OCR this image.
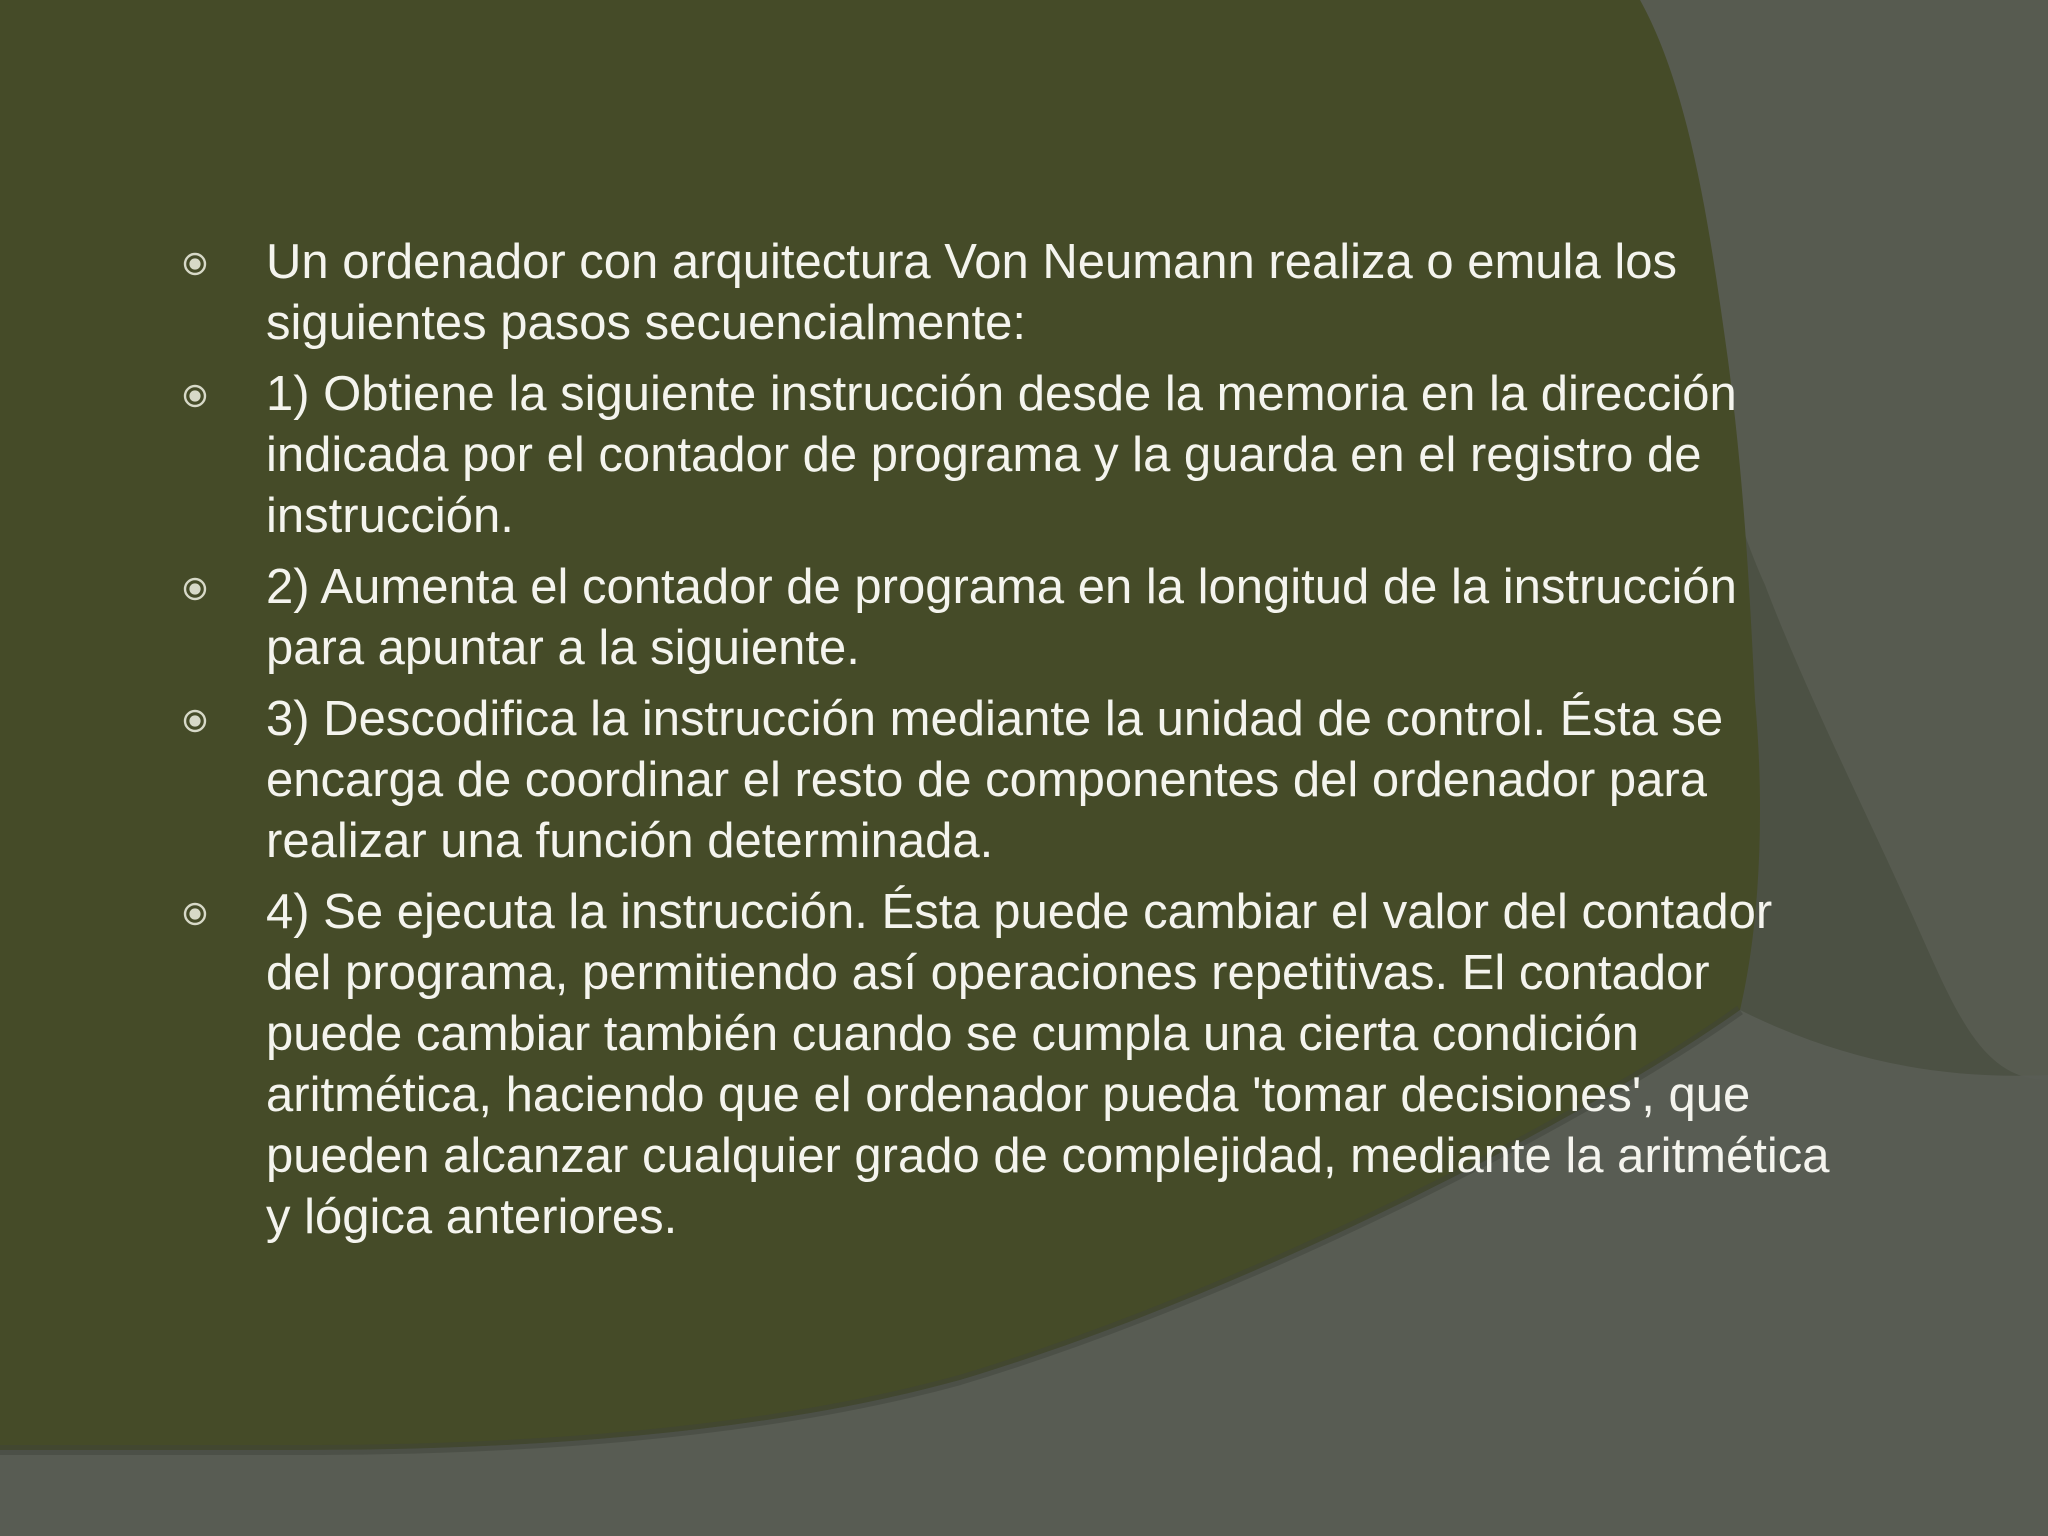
Un ordenador con arquitectura Von Neumann realiza o emula los siguientes pasos secuencialmente:
1) Obtiene la siguiente instrucción desde la memoria en la dirección indicada por el contador de programa y la guarda en el registro de instrucción.
2) Aumenta el contador de programa en la longitud de la instrucción para apuntar a la siguiente.
3) Descodifica la instrucción mediante la unidad de control. Ésta se encarga de coordinar el resto de componentes del ordenador para realizar una función determinada.
4) Se ejecuta la instrucción. Ésta puede cambiar el valor del contador del programa, permitiendo así operaciones repetitivas. El contador puede cambiar también cuando se cumpla una cierta condición aritmética, haciendo que el ordenador pueda 'tomar decisiones', que pueden alcanzar cualquier grado de complejidad, mediante la aritmética y lógica anteriores.
